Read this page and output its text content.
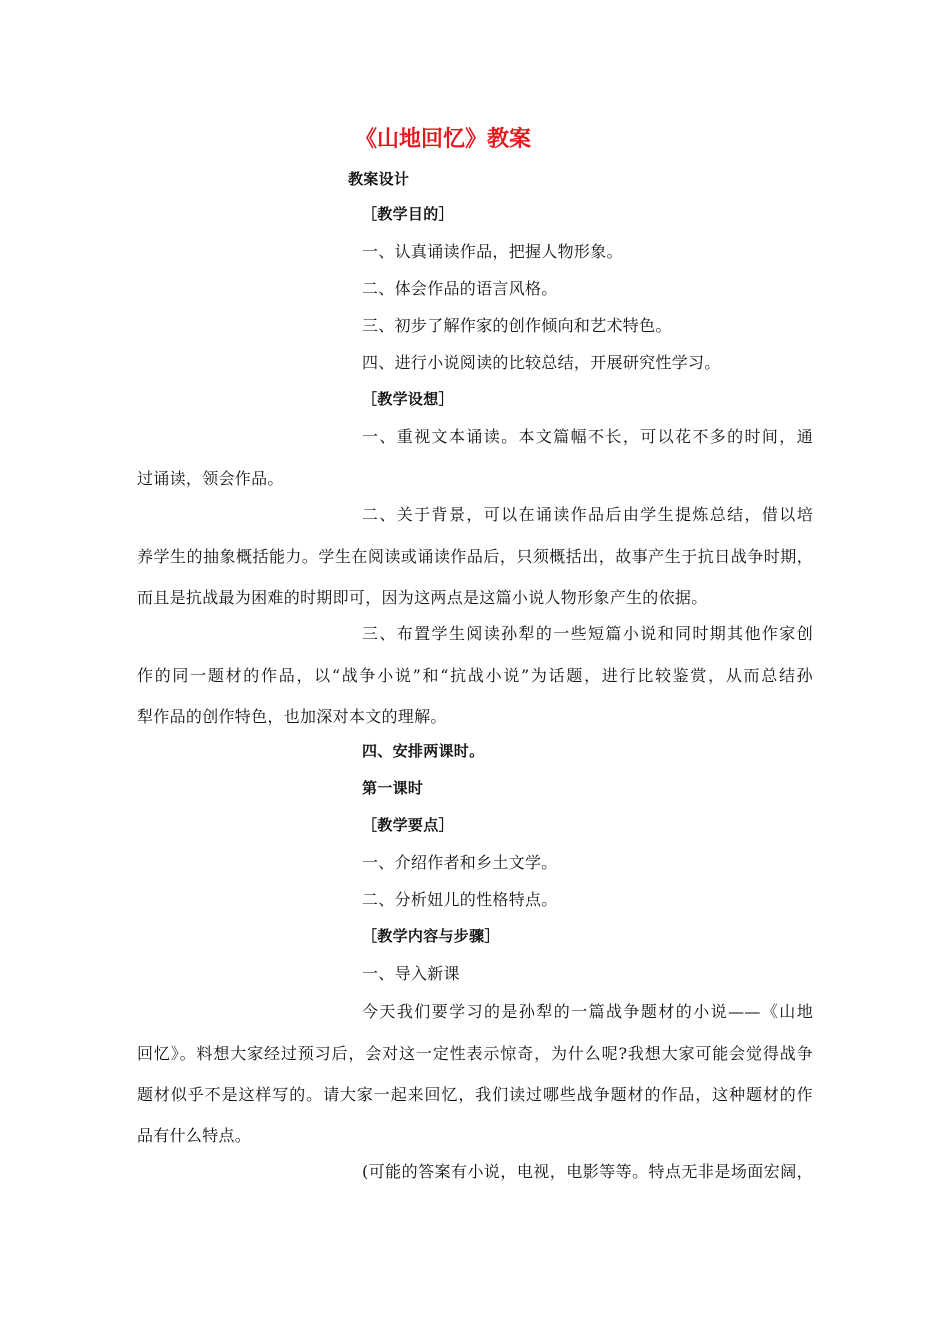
《山地回忆》教案
教案设计
［教学目的］
一、认真诵读作品，把握人物形象。
二、体会作品的语言风格。
三、初步了解作家的创作倾向和艺术特色。
四、进行小说阅读的比较总结，开展研究性学习。
［教学设想］
一、重视文本诵读。本文篇幅不长，可以花不多的时间，通
过诵读，领会作品。
二、关于背景，可以在诵读作品后由学生提炼总结，借以培
养学生的抽象概括能力。学生在阅读或诵读作品后，只须概括出，故事产生于抗日战争时期，
而且是抗战最为困难的时期即可，因为这两点是这篇小说人物形象产生的依据。
三、布置学生阅读孙犁的一些短篇小说和同时期其他作家创
作的同一题材的作品，以“战争小说”和“抗战小说”为话题，进行比较鉴赏，从而总结孙
犁作品的创作特色，也加深对本文的理解。
四、安排两课时。
第一课时
［教学要点］
一、介绍作者和乡土文学。
二、分析妞儿的性格特点。
［教学内容与步骤］
一、导入新课
今天我们要学习的是孙犁的一篇战争题材的小说——《山地
回忆》。料想大家经过预习后，会对这一定性表示惊奇，为什么呢?我想大家可能会觉得战争
题材似乎不是这样写的。请大家一起来回忆，我们读过哪些战争题材的作品，这种题材的作
品有什么特点。
(可能的答案有小说，电视，电影等等。特点无非是场面宏阔，
